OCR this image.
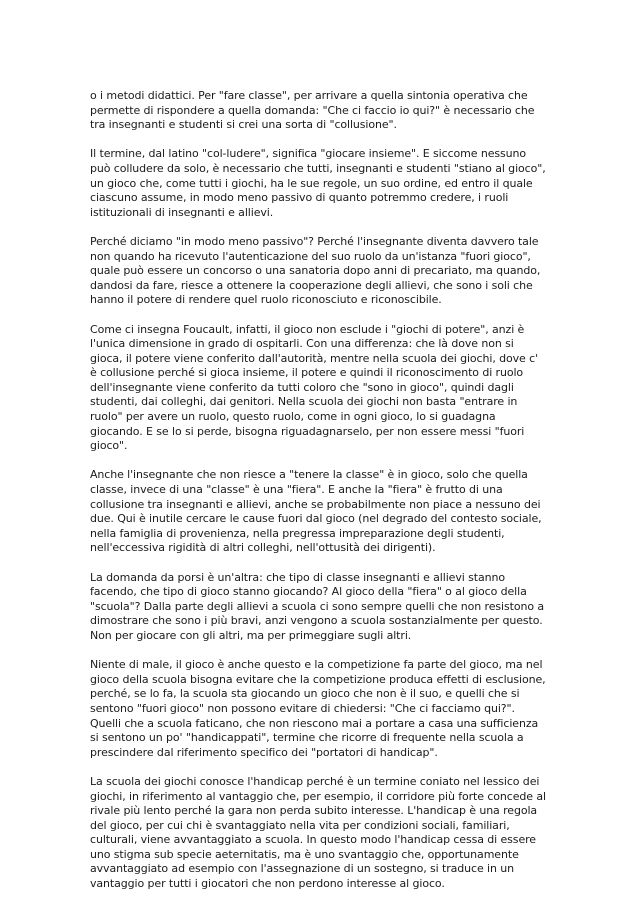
o i metodi didattici. Per "fare classe", per arrivare a quella sintonia operativa che
permette di rispondere a quella domanda: "Che ci faccio io qui?" è necessario che
tra insegnanti e studenti si crei una sorta di "collusione".

Il termine, dal latino "col-ludere", significa "giocare insieme". E siccome nessuno
può colludere da solo, è necessario che tutti, insegnanti e studenti "stiano al gioco",
un gioco che, come tutti i giochi, ha le sue regole, un suo ordine, ed entro il quale
ciascuno assume, in modo meno passivo di quanto potremmo credere, i ruoli
istituzionali di insegnanti e allievi.

Perché diciamo "in modo meno passivo"? Perché l'insegnante diventa davvero tale
non quando ha ricevuto l'autenticazione del suo ruolo da un'istanza "fuori gioco",
quale può essere un concorso o una sanatoria dopo anni di precariato, ma quando,
dandosi da fare, riesce a ottenere la cooperazione degli allievi, che sono i soli che
hanno il potere di rendere quel ruolo riconosciuto e riconoscibile.

Come ci insegna Foucault, infatti, il gioco non esclude i "giochi di potere", anzi è
l'unica dimensione in grado di ospitarli. Con una differenza: che là dove non si
gioca, il potere viene conferito dall'autorità, mentre nella scuola dei giochi, dove c'
è collusione perché si gioca insieme, il potere e quindi il riconoscimento di ruolo
dell'insegnante viene conferito da tutti coloro che "sono in gioco", quindi dagli
studenti, dai colleghi, dai genitori. Nella scuola dei giochi non basta "entrare in
ruolo" per avere un ruolo, questo ruolo, come in ogni gioco, lo si guadagna
giocando. E se lo si perde, bisogna riguadagnarselo, per non essere messi "fuori
gioco".

Anche l'insegnante che non riesce a "tenere la classe" è in gioco, solo che quella
classe, invece di una "classe" è una "fiera". E anche la "fiera" è frutto di una
collusione tra insegnanti e allievi, anche se probabilmente non piace a nessuno dei
due. Qui è inutile cercare le cause fuori dal gioco (nel degrado del contesto sociale,
nella famiglia di provenienza, nella pregressa impreparazione degli studenti,
nell'eccessiva rigidità di altri colleghi, nell'ottusità dei dirigenti).

La domanda da porsi è un'altra: che tipo di classe insegnanti e allievi stanno
facendo, che tipo di gioco stanno giocando? Al gioco della "fiera" o al gioco della
"scuola"? Dalla parte degli allievi a scuola ci sono sempre quelli che non resistono a
dimostrare che sono i più bravi, anzi vengono a scuola sostanzialmente per questo.
Non per giocare con gli altri, ma per primeggiare sugli altri.

Niente di male, il gioco è anche questo e la competizione fa parte del gioco, ma nel
gioco della scuola bisogna evitare che la competizione produca effetti di esclusione,
perché, se lo fa, la scuola sta giocando un gioco che non è il suo, e quelli che si
sentono "fuori gioco" non possono evitare di chiedersi: "Che ci facciamo qui?".
Quelli che a scuola faticano, che non riescono mai a portare a casa una sufficienza
si sentono un po' "handicappati", termine che ricorre di frequente nella scuola a
prescindere dal riferimento specifico dei "portatori di handicap".

La scuola dei giochi conosce l'handicap perché è un termine coniato nel lessico dei
giochi, in riferimento al vantaggio che, per esempio, il corridore più forte concede al
rivale più lento perché la gara non perda subito interesse. L'handicap è una regola
del gioco, per cui chi è svantaggiato nella vita per condizioni sociali, familiari,
culturali, viene avvantaggiato a scuola. In questo modo l'handicap cessa di essere
uno stigma sub specie aeternitatis, ma è uno svantaggio che, opportunamente
avvantaggiato ad esempio con l'assegnazione di un sostegno, si traduce in un
vantaggio per tutti i giocatori che non perdono interesse al gioco.
